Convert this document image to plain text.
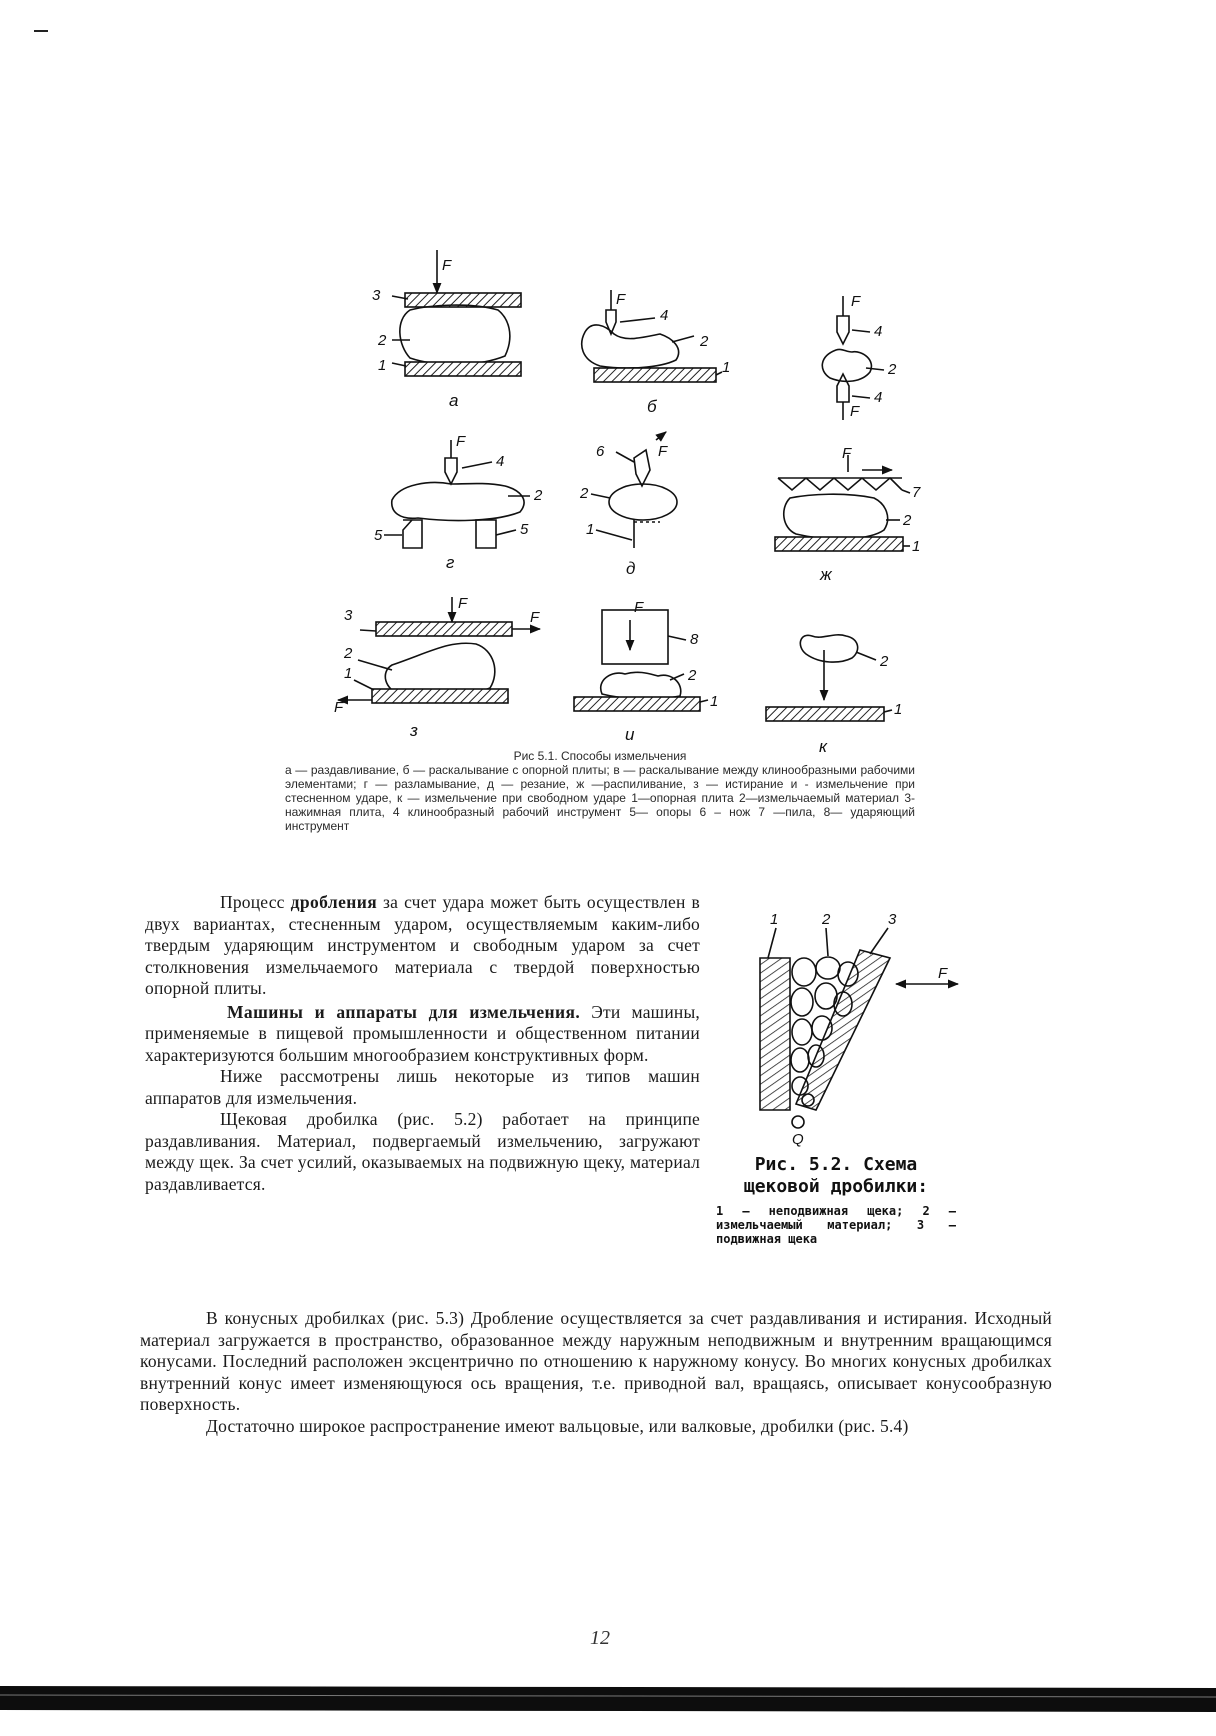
F
3
2
1
F
4
2
1
F
4
2
4
F
F
4
2
5	5
6	F
2
1
F
7
2
1
3
F
F
2
1
F
F
8
2
1
2
1
а	б
г	д	ж
з	и
к
Рис 5.1. Способы измельчения
а — раздавливание, б — раскалывание с опорной плиты; в — раскалывание между клинообразными рабочими элементами; г — разламывание, д — резание, ж —распиливание, з — истирание и - измельчение при стесненном ударе, к — измельчение при свободном ударе 1—опорная плита 2—измельчаемый материал 3- нажимная плита, 4 клинообразный рабочий инструмент 5— опоры 6 – нож 7 —пила, 8— ударяющий инструмент
1	2	3
F
Q
Рис. 5.2. Схема щековой дробилки:
1 — неподвижная щека; 2 — измельчаемый материал; 3 — подвижная щека

Процесс дробления за счет удара может быть осуществлен в двух вариантах, стесненным ударом, осуществляемым каким-либо твердым ударяющим инструментом и свободным ударом за счет столкновения измельчаемого материала с твердой поверхностью опорной плиты.

Машины и аппараты для измельчения. Эти машины, применяемые в пищевой промышленности и общественном питании характеризуются большим многообразием конструктивных форм.

Ниже рассмотрены лишь некоторые из типов машин аппаратов для измельчения.

Щековая дробилка (рис. 5.2) работает на принципе раздавливания. Материал, подвергаемый измельчению, загружают между щек. За счет усилий, оказываемых на подвижную щеку, материал раздавливается.

В конусных дробилках (рис. 5.3) Дробление осуществляется за счет раздавливания и истирания. Исходный материал загружается в пространство, образованное между наружным неподвижным и внутренним вращающимся конусами. Последний расположен эксцентрично по отношению к наружному конусу. Во многих конусных дробилках внутренний конус имеет изменяющуюся ось вращения, т.е. приводной вал, вращаясь, описывает конусообразную поверхность.

Достаточно широкое распространение имеют вальцовые, или валковые, дробилки (рис. 5.4)

12
